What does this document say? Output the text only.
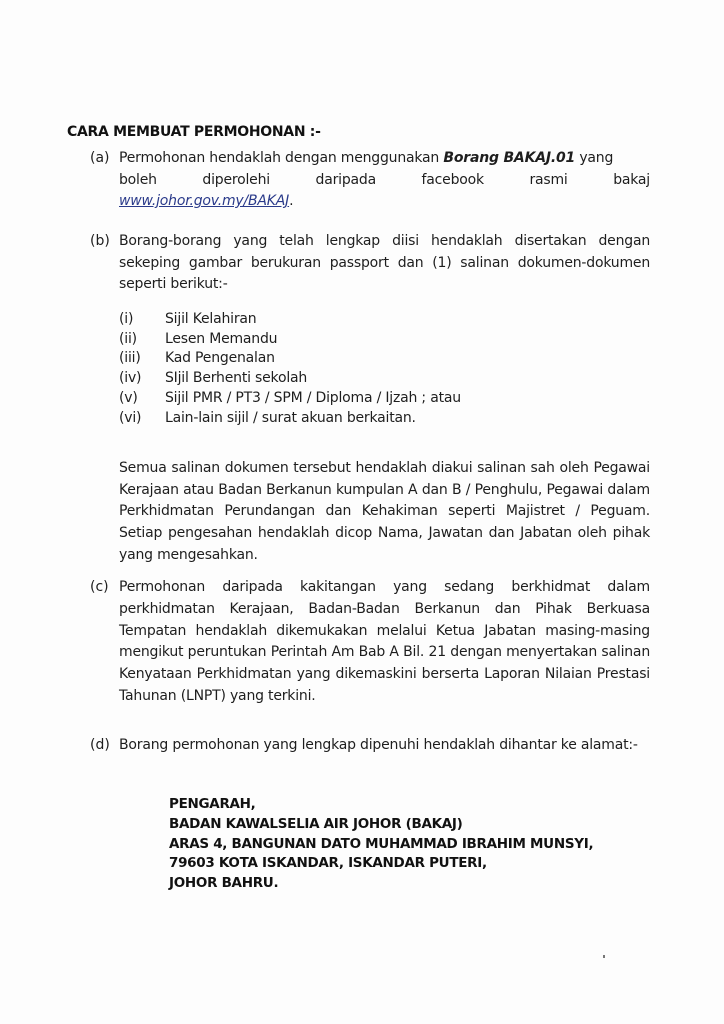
CARA MEMBUAT PERMOHONAN :-
(a) Permohonan hendaklah dengan menggunakan Borang BAKAJ.01 yang
boleh	diperolehi	daripada	facebook	rasmi	bakaj
www.johor.gov.my/BAKAJ.
(b) Borang-borang yang telah lengkap diisi hendaklah disertakan dengan sekeping gambar berukuran passport dan (1) salinan dokumen-dokumen seperti berikut:-
(i)	Sijil Kelahiran
(ii)	Lesen Memandu
(iii)	Kad Pengenalan
(iv)	SIjil Berhenti sekolah
(v)	Sijil PMR / PT3 / SPM / Diploma / Ijzah ; atau
(vi)	Lain-lain sijil / surat akuan berkaitan.
Semua salinan dokumen tersebut hendaklah diakui salinan sah oleh Pegawai Kerajaan atau Badan Berkanun kumpulan A dan B / Penghulu, Pegawai dalam Perkhidmatan Perundangan dan Kehakiman seperti Majistret / Peguam. Setiap pengesahan hendaklah dicop Nama, Jawatan dan Jabatan oleh pihak yang mengesahkan.
(c) Permohonan daripada kakitangan yang sedang berkhidmat dalam perkhidmatan Kerajaan, Badan-Badan Berkanun dan Pihak Berkuasa Tempatan hendaklah dikemukakan melalui Ketua Jabatan masing-masing mengikut peruntukan Perintah Am Bab A Bil. 21 dengan menyertakan salinan Kenyataan Perkhidmatan yang dikemaskini berserta Laporan Nilaian Prestasi Tahunan (LNPT) yang terkini.
(d) Borang permohonan yang lengkap dipenuhi hendaklah dihantar ke alamat:-
PENGARAH,
BADAN KAWALSELIA AIR JOHOR (BAKAJ)
ARAS 4, BANGUNAN DATO MUHAMMAD IBRAHIM MUNSYI,
79603 KOTA ISKANDAR, ISKANDAR PUTERI,
JOHOR BAHRU.
